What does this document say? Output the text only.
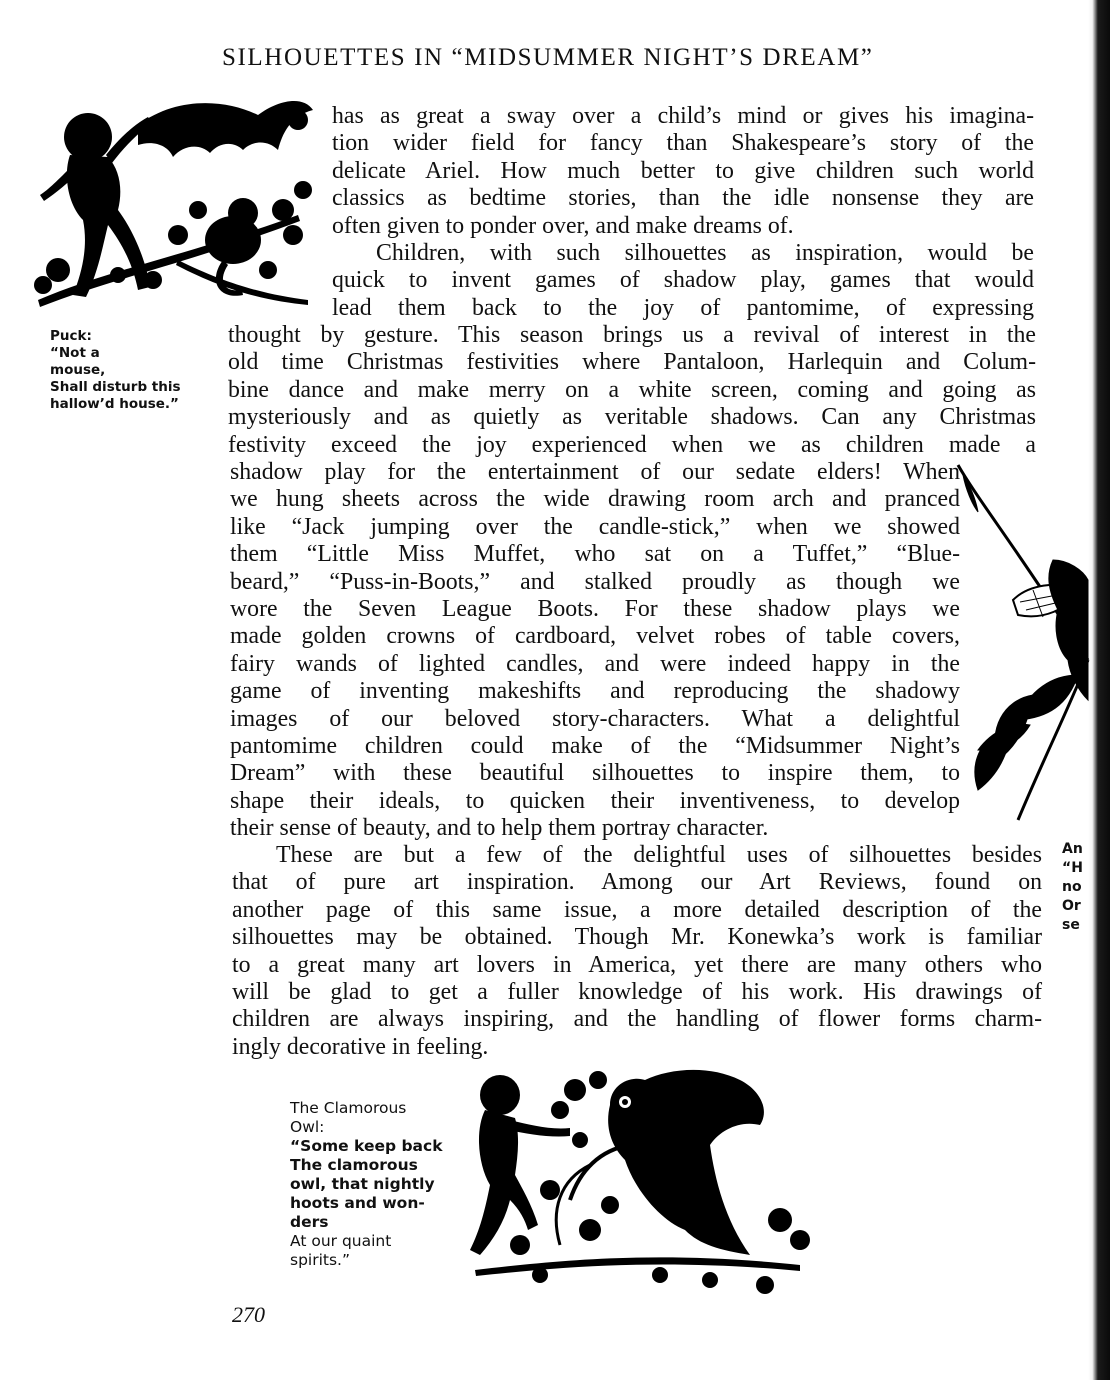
SILHOUETTES IN “MIDSUMMER NIGHT’S DREAM”
Puck:
“Not a
mouse,
Shall disturb this
hallow’d house.”
has as great a sway over a child’s mind or gives his imagina-
tion wider field for fancy than Shakespeare’s story of the
delicate Ariel. How much better to give children such world
classics as bedtime stories, than the idle nonsense they are
often given to ponder over, and make dreams of.
Children, with such silhouettes as inspiration, would be
quick to invent games of shadow play, games that would
lead them back to the joy of pantomime, of expressing
thought by gesture. This season brings us a revival of interest in the
old time Christmas festivities where Pantaloon, Harlequin and Colum-
bine dance and make merry on a white screen, coming and going as
mysteriously and as quietly as veritable shadows. Can any Christmas
festivity exceed the joy experienced when we as children made a
shadow play for the entertainment of our sedate elders! When
we hung sheets across the wide drawing room arch and pranced
like “Jack jumping over the candle-stick,” when we showed
them “Little Miss Muffet, who sat on a Tuffet,” “Blue-
beard,” “Puss-in-Boots,” and stalked proudly as though we
wore the Seven League Boots. For these shadow plays we
made golden crowns of cardboard, velvet robes of table covers,
fairy wands of lighted candles, and were indeed happy in the
game of inventing makeshifts and reproducing the shadowy
images of our beloved story-characters. What a delightful
pantomime children could make of the “Midsummer Night’s
Dream” with these beautiful silhouettes to inspire them, to
shape their ideals, to quicken their inventiveness, to develop
their sense of beauty, and to help them portray character.
These are but a few of the delightful uses of silhouettes besides
that of pure art inspiration. Among our Art Reviews, found on
another page of this same issue, a more detailed description of the
silhouettes may be obtained. Though Mr. Konewka’s work is familiar
to a great many art lovers in America, yet there are many others who
will be glad to get a fuller knowledge of his work. His drawings of
children are always inspiring, and the handling of flower forms charm-
ingly decorative in feeling.
An
“H
no
Or
se
The Clamorous
Owl:
“Some keep back
The clamorous
owl, that nightly
hoots and won-
ders
At our quaint
spirits.”
270
